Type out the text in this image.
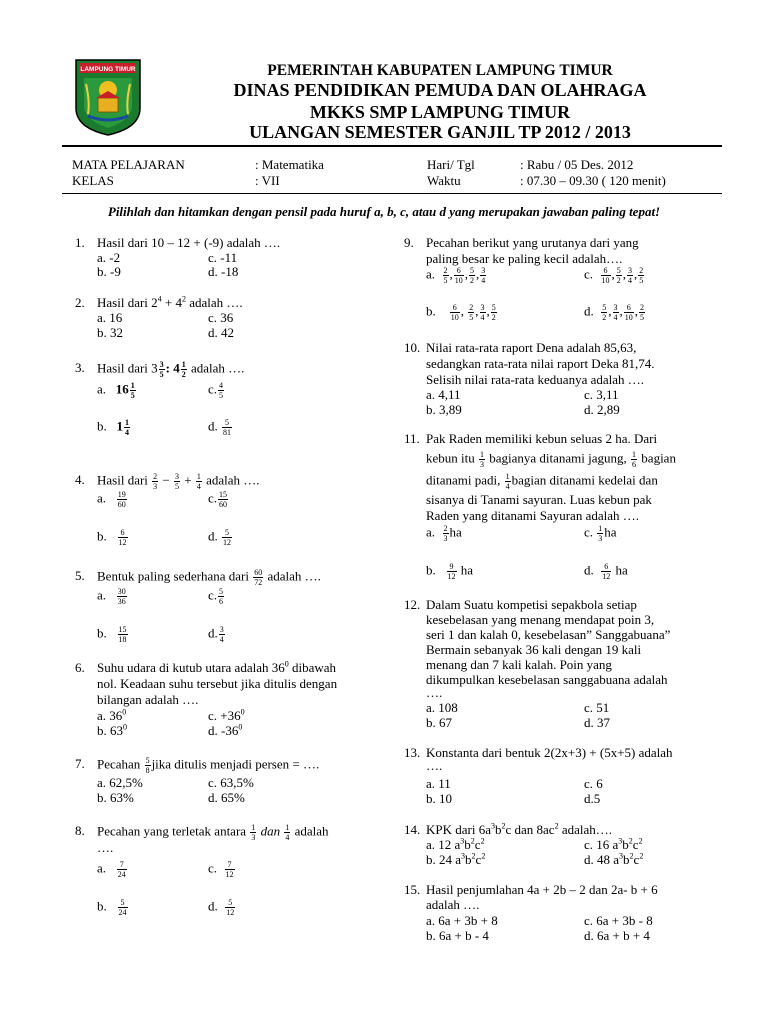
LAMPUNG TIMUR	PEMERINTAH KABUPATEN LAMPUNG TIMUR
DINAS PENDIDIKAN PEMUDA DAN OLAHRAGA
MKKS SMP LAMPUNG TIMUR
ULANGAN SEMESTER GANJIL TP 2012 / 2013
MATA PELAJARAN	: Matematika	Hari/ Tgl	: Rabu / 05 Des. 2012
KELAS	: VII	Waktu	: 07.30 – 09.30 ( 120 menit)
Pilihlah dan hitamkan dengan pensil pada huruf a, b, c, atau d yang merupakan jawaban paling tepat!
1. Hasil dari 10 – 12 + (-9) adalah ….
a. -2	c. -11
b. -9	d. -18
2. Hasil dari $2^4 + 4^2$ adalah ….
a. 16	c. 36
b. 32	d. 42
3. Hasil dari $3 \frac{3}{5}$ : $4 \frac{1}{2}$ adalah ….
a. $16 \frac{1}{5}$	c. $\frac{4}{5}$
b. $1 \frac{1}{4}$	d. $\frac{5}{81}$
4. Hasil dari $\frac{2}{3} - \frac{3}{5} + \frac{1}{4}$ adalah ….
a. $\frac{19}{60}$	c. $\frac{15}{60}$
b. $\frac{6}{12}$	d. $\frac{5}{12}$
5. Bentuk paling sederhana dari $\frac{60}{72}$ adalah ….
a. $\frac{30}{36}$	c. $\frac{5}{6}$
b. $\frac{15}{18}$	d. $\frac{3}{4}$
6. Suhu udara di kutub utara adalah $36^0$ dibawah
nol. Keadaan suhu tersebut jika ditulis dengan
bilangan adalah ….
a. $36^0$	c. $+36^0$
b. $63^0$	d. $-36^0$
7. Pecahan $\frac{5}{8}$ jika ditulis menjadi persen = ….
a. 62,5%	c. 63,5%
b. 63%	d. 65%
8. Pecahan yang terletak antara $\frac{1}{3}$ dan $\frac{1}{4}$ adalah
….
a. $\frac{7}{24}$	c. $\frac{7}{12}$
b. $\frac{5}{24}$	d. $\frac{5}{12}$
9. Pecahan berikut yang urutanya dari yang
paling besar ke paling kecil adalah….
a. $\frac{2}{5}$ , $\frac{6}{10}$ , $\frac{5}{2}$ , $\frac{3}{4}$	c. $\frac{6}{10}$ , $\frac{5}{2}$ , $\frac{3}{4}$ , $\frac{2}{5}$
b. $\frac{6}{10}$ , $\frac{2}{5}$ , $\frac{3}{4}$ , $\frac{5}{2}$	d. $\frac{5}{2}$ , $\frac{3}{4}$ , $\frac{6}{10}$ , $\frac{2}{5}$
10. Nilai rata-rata raport Dena adalah 85,63,
sedangkan rata-rata nilai raport Deka 81,74.
Selisih nilai rata-rata keduanya adalah ….
a. 4,11	c. 3,11
b. 3,89	d. 2,89
11. Pak Raden memiliki kebun seluas 2 ha. Dari
kebun itu $\frac{1}{3}$ bagianya ditanami jagung, $\frac{1}{6}$ bagian
ditanami padi, $\frac{1}{4}$ bagian ditanami kedelai dan
sisanya di Tanami sayuran. Luas kebun pak
Raden yang ditanami Sayuran adalah ….
a. $\frac{2}{3}$ ha	c. $\frac{1}{3}$ ha
b. $\frac{9}{12}$ ha	d. $\frac{6}{12}$ ha
12. Dalam Suatu kompetisi sepakbola setiap
kesebelasan yang menang mendapat poin 3,
seri 1 dan kalah 0, kesebelasan” Sanggabuana”
Bermain sebanyak 36 kali dengan 19 kali
menang dan 7 kali kalah. Poin yang
dikumpulkan kesebelasan sanggabuana adalah
….
a. 108	c. 51
b. 67	d. 37
13. Konstanta dari bentuk 2(2x+3) + (5x+5) adalah
….
a. 11	c. 6
b. 10	d.5
14. KPK dari $6a^3b^2c$ dan $8ac^2$ adalah….
a. 12 $a^3b^2c^2$	c. 16 $a^3b^2c^2$
b. 24 $a^3b^2c^2$	d. 48 $a^3b^2c^2$
15. Hasil penjumlahan 4a + 2b – 2 dan 2a- b + 6
adalah ….
a. 6a + 3b + 8	c. 6a + 3b - 8
b. 6a + b - 4	d. 6a + b + 4
